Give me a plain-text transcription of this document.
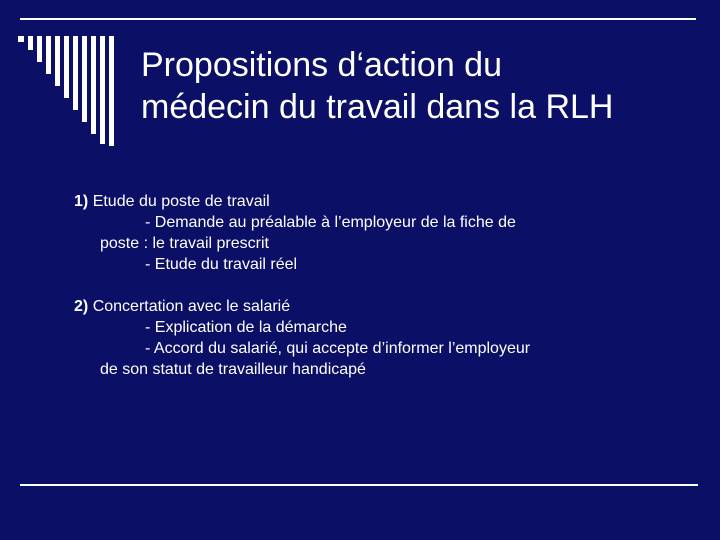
Propositions d‘action du
médecin du travail dans la RLH
1) Etude du poste de travail
- Demande au préalable à l’employeur de la fiche de
poste : le travail prescrit
- Etude du travail réel
2) Concertation avec le salarié
- Explication de la démarche
- Accord du salarié, qui accepte d’informer l’employeur
de son statut de travailleur handicapé
